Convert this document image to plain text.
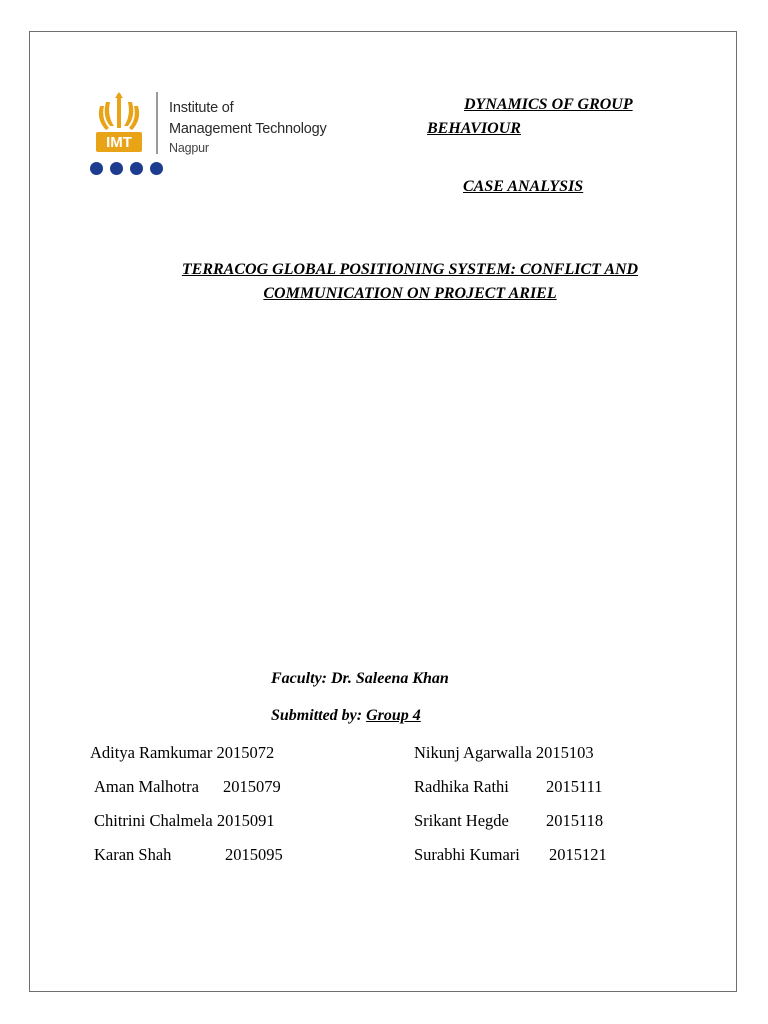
IMT
Institute of
Management Technology
Nagpur
DYNAMICS OF GROUP
BEHAVIOUR
CASE ANALYSIS
TERRACOG GLOBAL POSITIONING SYSTEM: CONFLICT AND
COMMUNICATION ON PROJECT ARIEL
Faculty: Dr. Saleena Khan
Submitted by: Group 4
Aditya Ramkumar 2015072
Aman Malhotra 2015079
Chitrini Chalmela 2015091
Karan Shah	2015095
Nikunj Agarwalla 2015103
Radhika Rathi 2015111
Srikant Hegde 2015118
Surabhi Kumari 2015121
